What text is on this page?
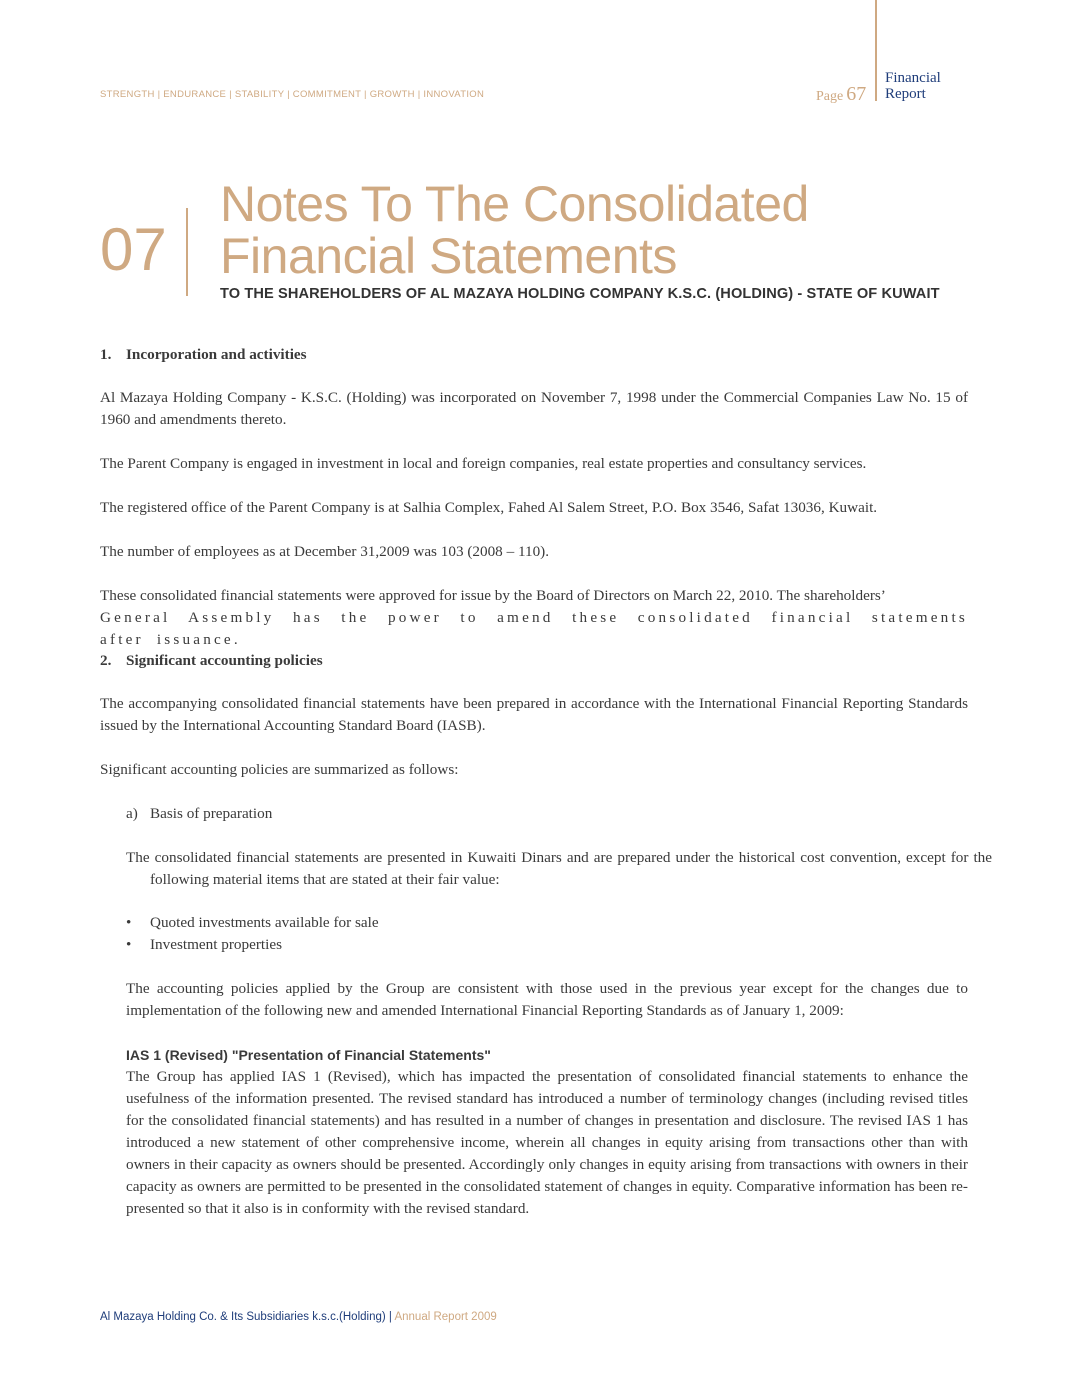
STRENGTH | ENDURANCE | STABILITY | COMMITMENT | GROWTH | INNOVATION	Page 67
Financial
Report
07
Notes To The Consolidated
Financial Statements
TO THE SHAREHOLDERS OF AL MAZAYA HOLDING COMPANY K.S.C. (HOLDING) - STATE OF KUWAIT
1. Incorporation and activities
Al Mazaya Holding Company - K.S.C. (Holding) was incorporated on November 7, 1998 under the Commercial Companies Law No. 15 of 1960 and amendments thereto.
The Parent Company is engaged in investment in local and foreign companies, real estate properties and consultancy services.
The registered office of the Parent Company is at Salhia Complex, Fahed Al Salem Street, P.O. Box 3546, Safat 13036, Kuwait.
The number of employees as at December 31,2009 was 103 (2008 – 110).
These consolidated financial statements were approved for issue by the Board of Directors on March 22, 2010. The shareholders’
General Assembly has the power to amend these consolidated financial statements after issuance.
2. Significant accounting policies
The accompanying consolidated financial statements have been prepared in accordance with the International Financial Reporting Standards issued by the International Accounting Standard Board (IASB).
Significant accounting policies are summarized as follows:
a) Basis of preparation
The consolidated financial statements are presented in Kuwaiti Dinars and are prepared under the historical cost convention, except for the following material items that are stated at their fair value:
• Quoted investments available for sale
• Investment properties
The accounting policies applied by the Group are consistent with those used in the previous year except for the changes due to implementation of the following new and amended International Financial Reporting Standards as of January 1, 2009:
IAS 1 (Revised) "Presentation of Financial Statements"
The Group has applied IAS 1 (Revised), which has impacted the presentation of consolidated financial statements to enhance the usefulness of the information presented. The revised standard has introduced a number of terminology changes (including revised titles for the consolidated financial statements) and has resulted in a number of changes in presentation and disclosure. The revised IAS 1 has introduced a new statement of other comprehensive income, wherein all changes in equity arising from transactions other than with owners in their capacity as owners should be presented. Accordingly only changes in equity arising from transactions with owners in their capacity as owners are permitted to be presented in the consolidated statement of changes in equity. Comparative information has been re-presented so that it also is in conformity with the revised standard.
Al Mazaya Holding Co. & Its Subsidiaries k.s.c.(Holding) | Annual Report 2009
